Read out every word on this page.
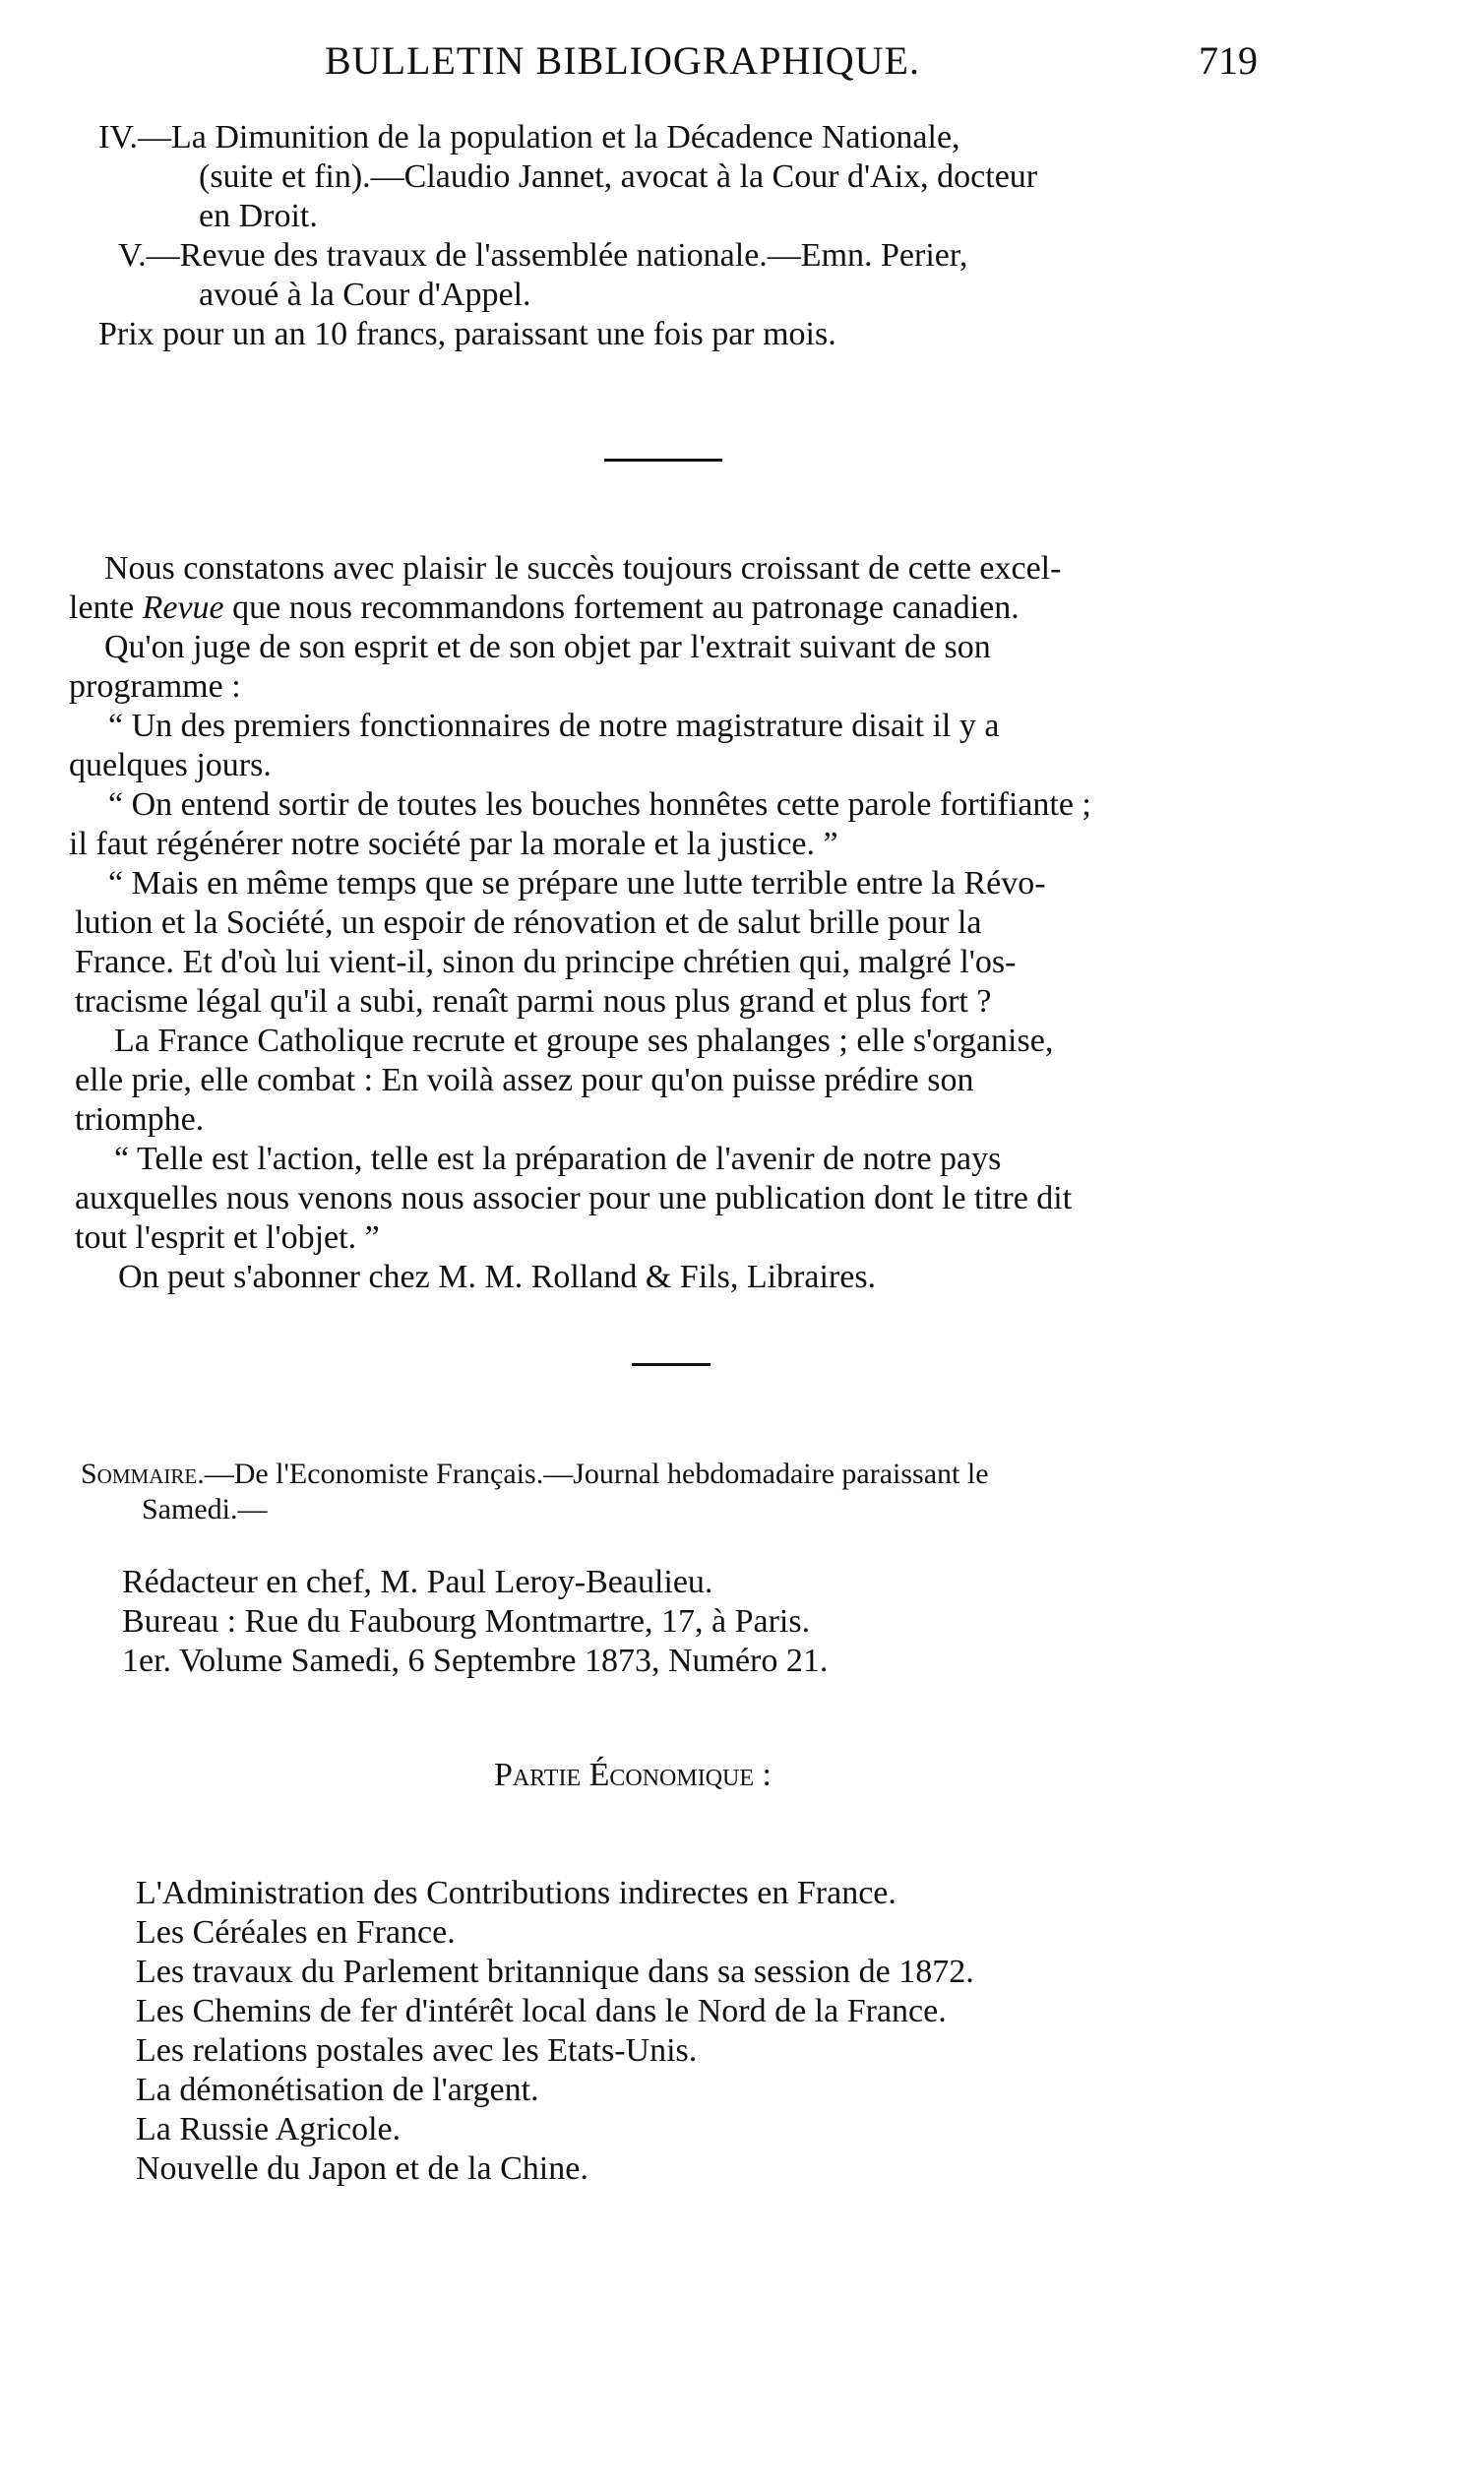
BULLETIN BIBLIOGRAPHIQUE.	719
IV.—La Dimunition de la population et la Décadence Nationale,
(suite et fin).—Claudio Jannet, avocat à la Cour d'Aix, docteur
en Droit.
V.—Revue des travaux de l'assemblée nationale.—Emn. Perier,
avoué à la Cour d'Appel.
Prix pour un an 10 francs, paraissant une fois par mois.
Nous constatons avec plaisir le succès toujours croissant de cette excel-
lente Revue que nous recommandons fortement au patronage canadien.
Qu'on juge de son esprit et de son objet par l'extrait suivant de son
programme :
“ Un des premiers fonctionnaires de notre magistrature disait il y a
quelques jours.
“ On entend sortir de toutes les bouches honnêtes cette parole fortifiante ;
il faut régénérer notre société par la morale et la justice. ”
“ Mais en même temps que se prépare une lutte terrible entre la Révo-
lution et la Société, un espoir de rénovation et de salut brille pour la
France. Et d'où lui vient-il, sinon du principe chrétien qui, malgré l'os-
tracisme légal qu'il a subi, renaît parmi nous plus grand et plus fort ?
La France Catholique recrute et groupe ses phalanges ; elle s'organise,
elle prie, elle combat : En voilà assez pour qu'on puisse prédire son
triomphe.
“ Telle est l'action, telle est la préparation de l'avenir de notre pays
auxquelles nous venons nous associer pour une publication dont le titre dit
tout l'esprit et l'objet. ”
On peut s'abonner chez M. M. Rolland & Fils, Libraires.
Sommaire.—De l'Economiste Français.—Journal hebdomadaire paraissant le
Samedi.—
Rédacteur en chef, M. Paul Leroy-Beaulieu.
Bureau : Rue du Faubourg Montmartre, 17, à Paris.
1er. Volume Samedi, 6 Septembre 1873, Numéro 21.
Partie Économique :
L'Administration des Contributions indirectes en France.
Les Céréales en France.
Les travaux du Parlement britannique dans sa session de 1872.
Les Chemins de fer d'intérêt local dans le Nord de la France.
Les relations postales avec les Etats-Unis.
La démonétisation de l'argent.
La Russie Agricole.
Nouvelle du Japon et de la Chine.
